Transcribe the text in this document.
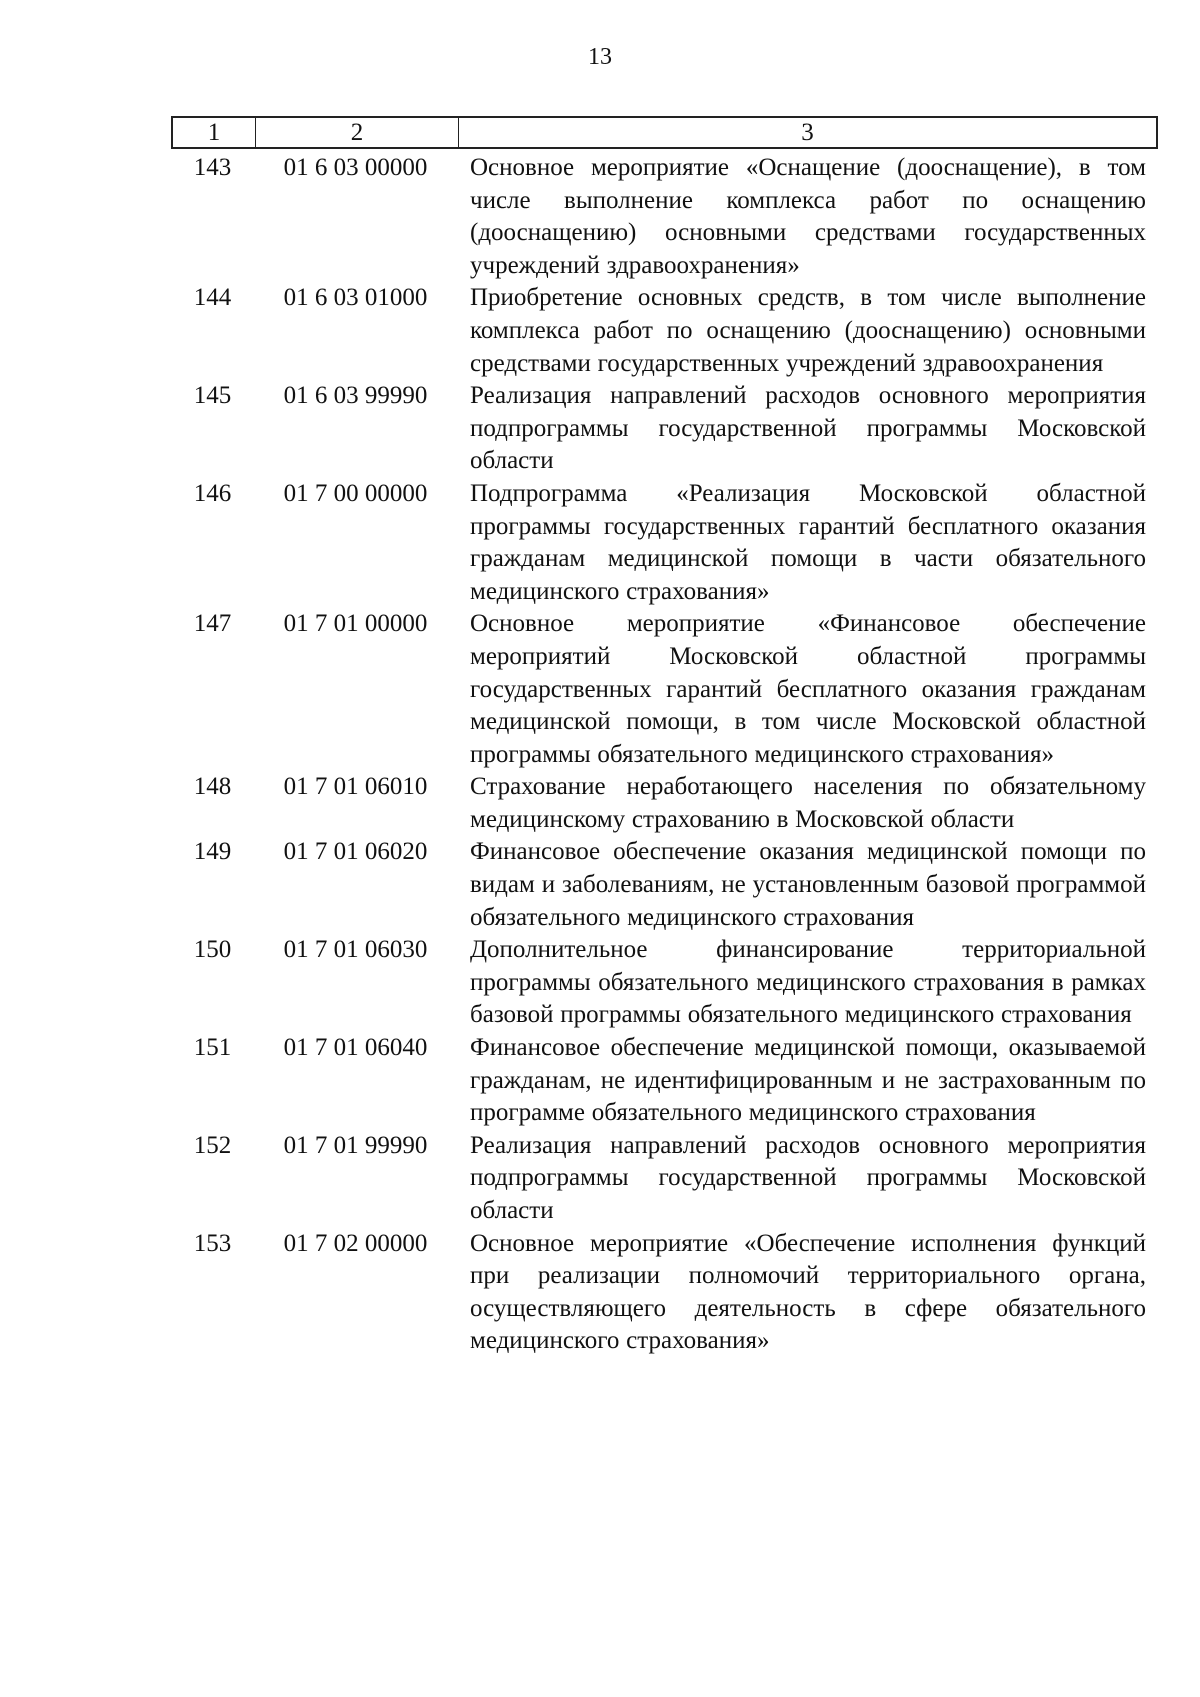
13
1	2	3
143	01 6 03 00000	Основное мероприятие «Оснащение (дооснащение), в том числе выполнение комплекса работ по оснащению (дооснащению) основными средствами государственных учреждений здравоохранения»
144	01 6 03 01000	Приобретение основных средств, в том числе выполнение комплекса работ по оснащению (дооснащению) основными средствами государственных учреждений здравоохранения
145	01 6 03 99990	Реализация направлений расходов основного мероприятия подпрограммы государственной программы Московской области
146	01 7 00 00000	Подпрограмма «Реализация Московской областной программы государственных гарантий бесплатного оказания гражданам медицинской помощи в части обязательного медицинского страхования»
147	01 7 01 00000	Основное мероприятие «Финансовое обеспечение мероприятий Московской областной программы государственных гарантий бесплатного оказания гражданам медицинской помощи, в том числе Московской областной программы обязательного медицинского страхования»
148	01 7 01 06010	Страхование неработающего населения по обязательному медицинскому страхованию в Московской области
149	01 7 01 06020	Финансовое обеспечение оказания медицинской помощи по видам и заболеваниям, не установленным базовой программой обязательного медицинского страхования
150	01 7 01 06030	Дополнительное финансирование территориальной программы обязательного медицинского страхования в рамках базовой программы обязательного медицинского страхования
151	01 7 01 06040	Финансовое обеспечение медицинской помощи, оказываемой гражданам, не идентифицированным и не застрахованным по программе обязательного медицинского страхования
152	01 7 01 99990	Реализация направлений расходов основного мероприятия подпрограммы государственной программы Московской области
153	01 7 02 00000	Основное мероприятие «Обеспечение исполнения функций при реализации полномочий территориального органа, осуществляющего деятельность в сфере обязательного медицинского страхования»
